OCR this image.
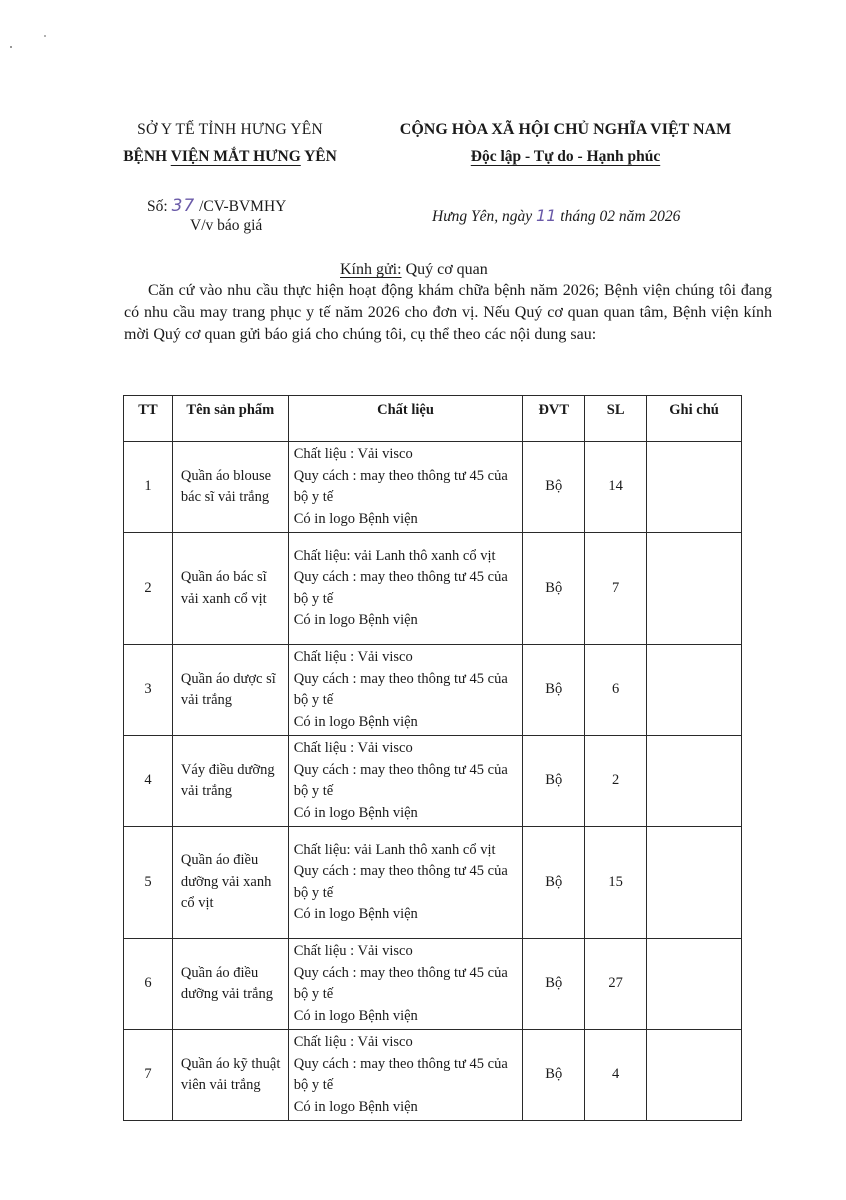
SỞ Y TẾ TỈNH HƯNG YÊN
BỆNH VIỆN MẮT HƯNG YÊN
CỘNG HÒA XÃ HỘI CHỦ NGHĨA VIỆT NAM
Độc lập - Tự do - Hạnh phúc
Số: 37 /CV-BVMHY
V/v báo giá
Hưng Yên, ngày 11 tháng 02 năm 2026
Kính gửi: Quý cơ quan
Căn cứ vào nhu cầu thực hiện hoạt động khám chữa bệnh năm 2026; Bệnh viện chúng tôi đang có nhu cầu may trang phục y tế năm 2026 cho đơn vị. Nếu Quý cơ quan quan tâm, Bệnh viện kính mời Quý cơ quan gửi báo giá cho chúng tôi, cụ thể theo các nội dung sau:
TT	Tên sản phẩm	Chất liệu	ĐVT	SL	Ghi chú
1	Quần áo blouse bác sĩ vải trắng	Chất liệu : Vải visco
Quy cách : may theo thông tư 45 của bộ y tế
Có in logo Bệnh viện	Bộ	14	
2	Quần áo bác sĩ vải xanh cổ vịt	Chất liệu: vải Lanh thô xanh cổ vịt
Quy cách : may theo thông tư 45 của bộ y tế
Có in logo Bệnh viện	Bộ	7	
3	Quần áo dược sĩ vải trắng	Chất liệu : Vải visco
Quy cách : may theo thông tư 45 của bộ y tế
Có in logo Bệnh viện	Bộ	6	
4	Váy điều dưỡng vải trắng	Chất liệu : Vải visco
Quy cách : may theo thông tư 45 của bộ y tế
Có in logo Bệnh viện	Bộ	2	
5	Quần áo điều dưỡng vải xanh cổ vịt	Chất liệu: vải Lanh thô xanh cổ vịt
Quy cách : may theo thông tư 45 của bộ y tế
Có in logo Bệnh viện	Bộ	15	
6	Quần áo điều dưỡng vải trắng	Chất liệu : Vải visco
Quy cách : may theo thông tư 45 của bộ y tế
Có in logo Bệnh viện	Bộ	27	
7	Quần áo kỹ thuật viên vải trắng	Chất liệu : Vải visco
Quy cách : may theo thông tư 45 của bộ y tế
Có in logo Bệnh viện	Bộ	4	
